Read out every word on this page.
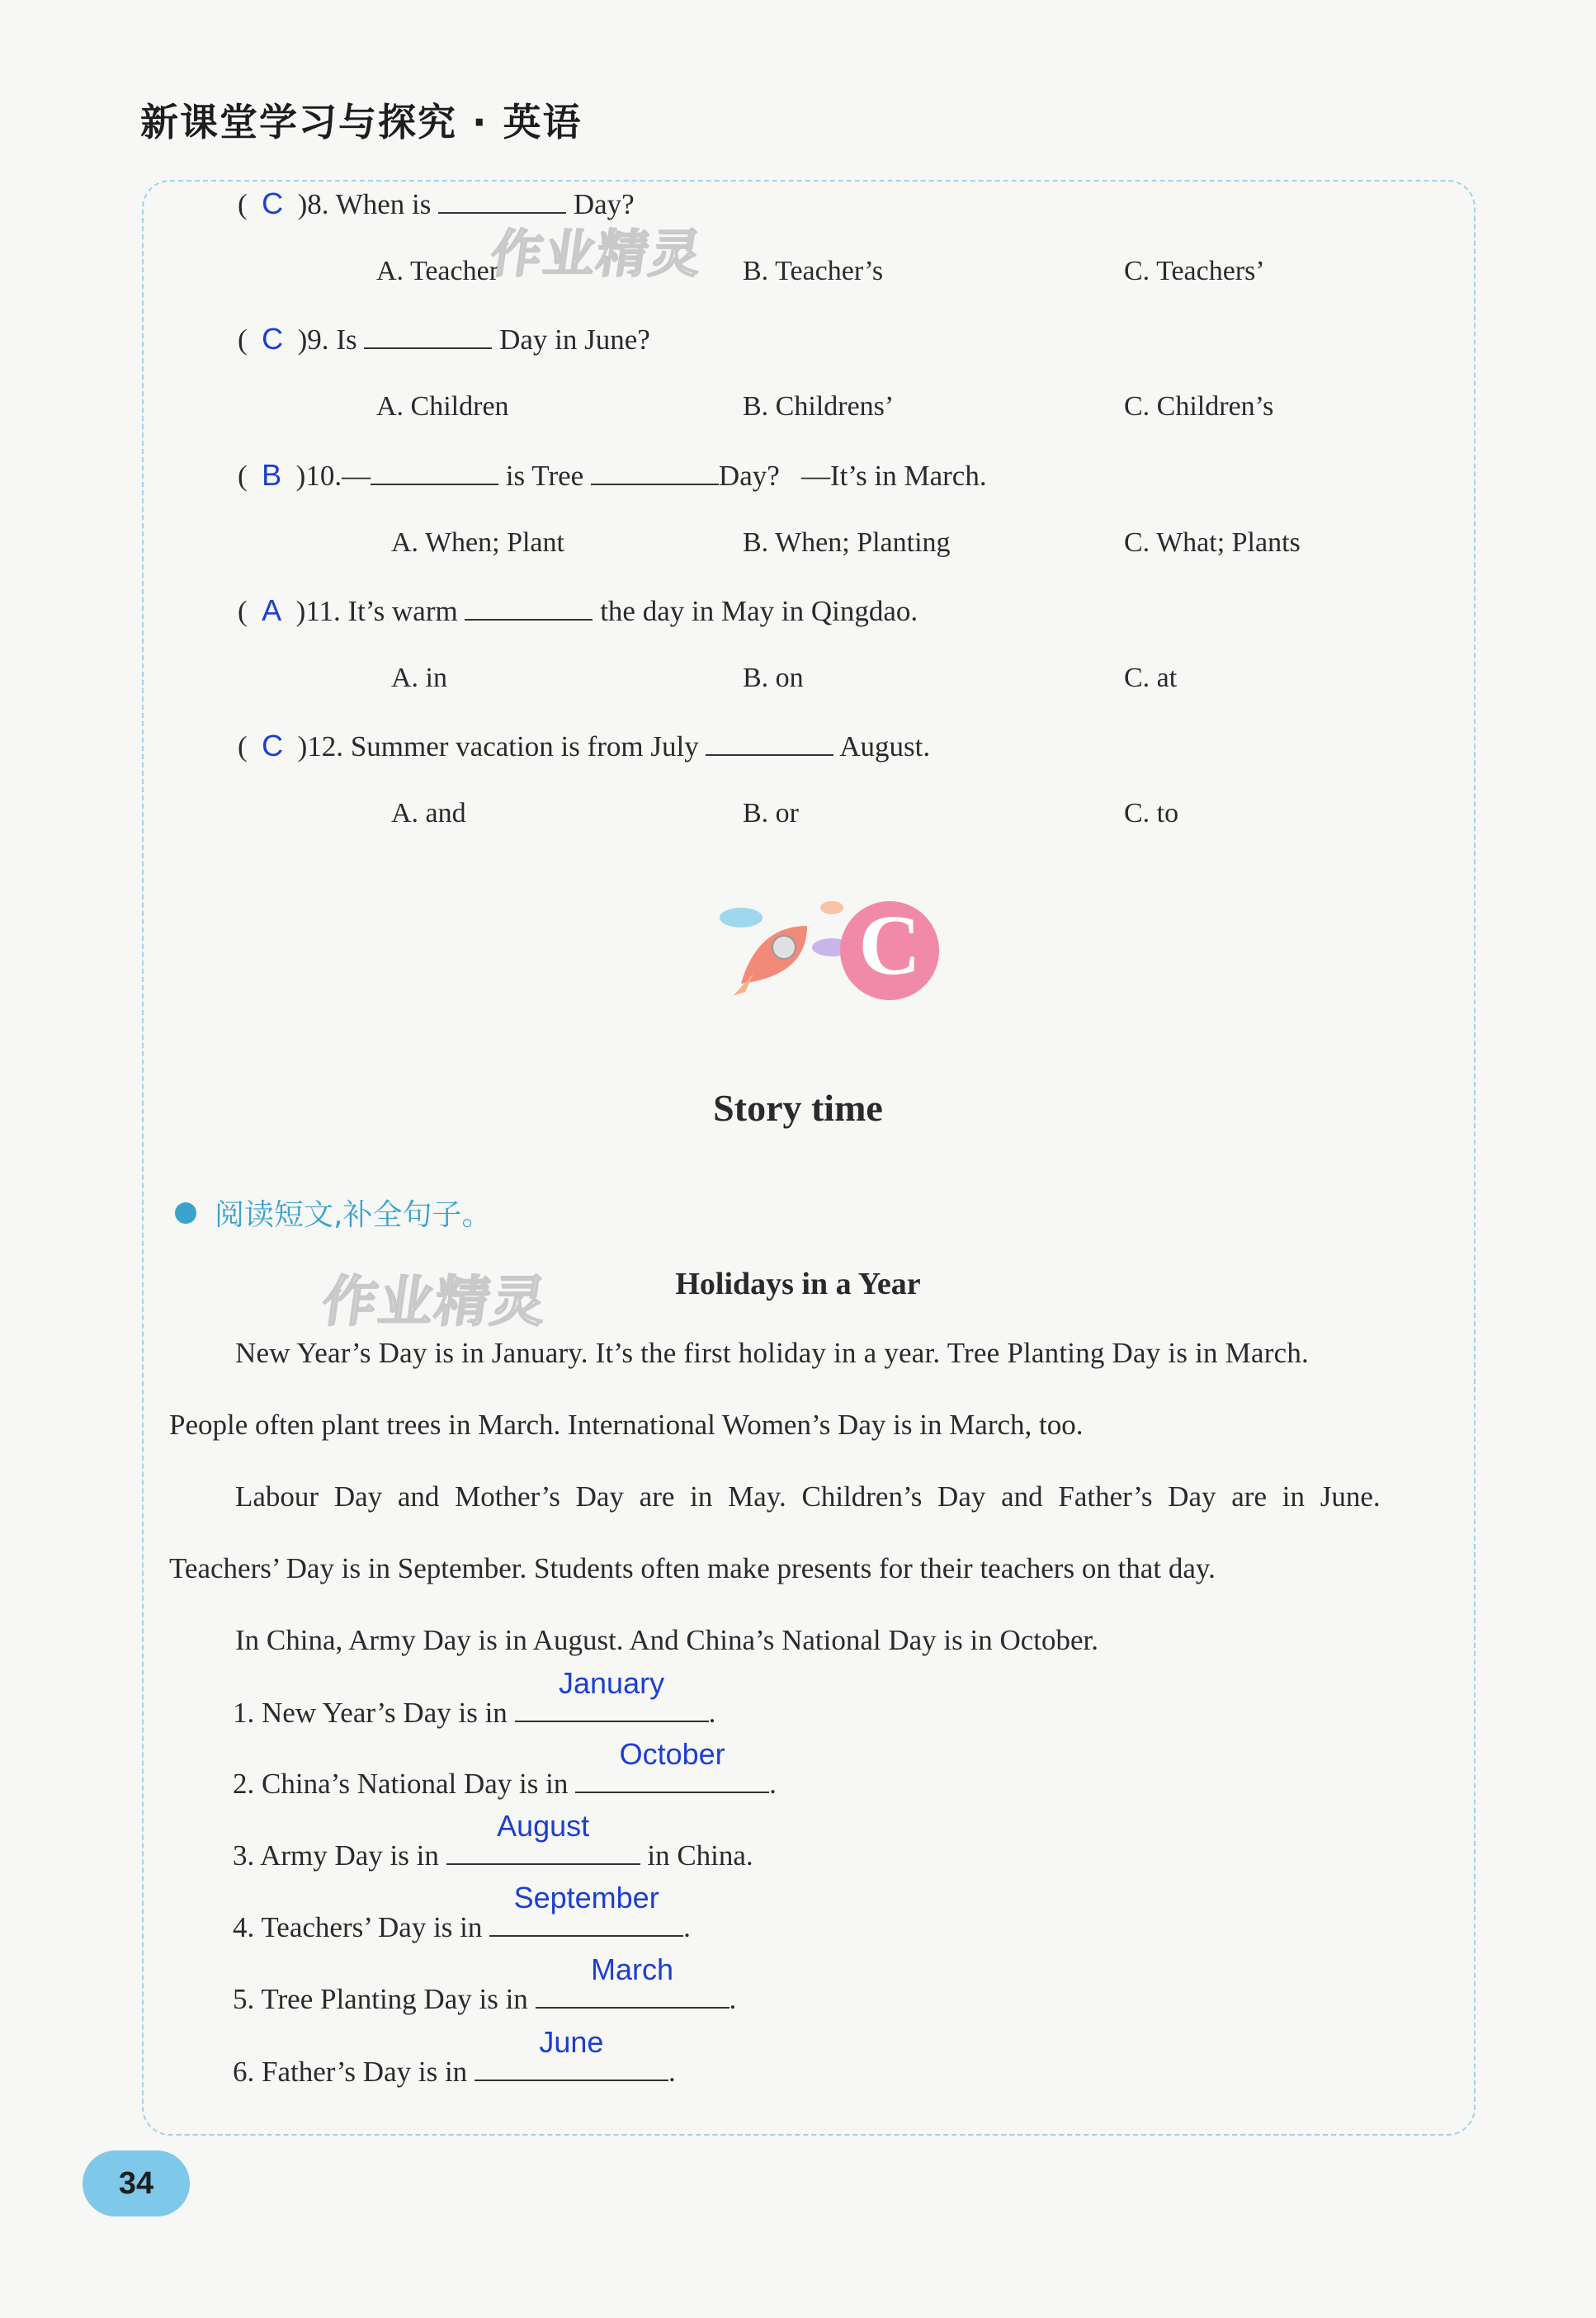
新课堂学习与探究 · 英语
(  C )8. When is	Day?
A. Teacher	B. Teacher’s	C. Teachers’
作业精灵
(  C )9. Is	Day in June?
A. Children	B. Childrens’	C. Children’s
(  B )10.—	is Tree	Day? —It’s in March.
A. When; Plant	B. When; Planting	C. What; Plants
(  A )11. It’s warm	the day in May in Qingdao.
A. in	B. on	C. at
(  C )12. Summer vacation is from July	August.
A. and	B. or	C. to
C
Story time
阅读短文,补全句子。
作业精灵	Holidays in a Year
New Year’s Day is in January. It’s the first holiday in a year. Tree Planting Day is in March.
People often plant trees in March. International Women’s Day is in March, too.
Labour Day and Mother’s Day are in May. Children’s Day and Father’s Day are in June.
Teachers’ Day is in September. Students often make presents for their teachers on that day.
In China, Army Day is in August. And China’s National Day is in October.
1. New Year’s Day is in
January
.
2. China’s National Day is in
October
.
3. Army Day is in
August
in China.
4. Teachers’ Day is in
September
.
5. Tree Planting Day is in
March
.
6. Father’s Day is in
June
.
34
